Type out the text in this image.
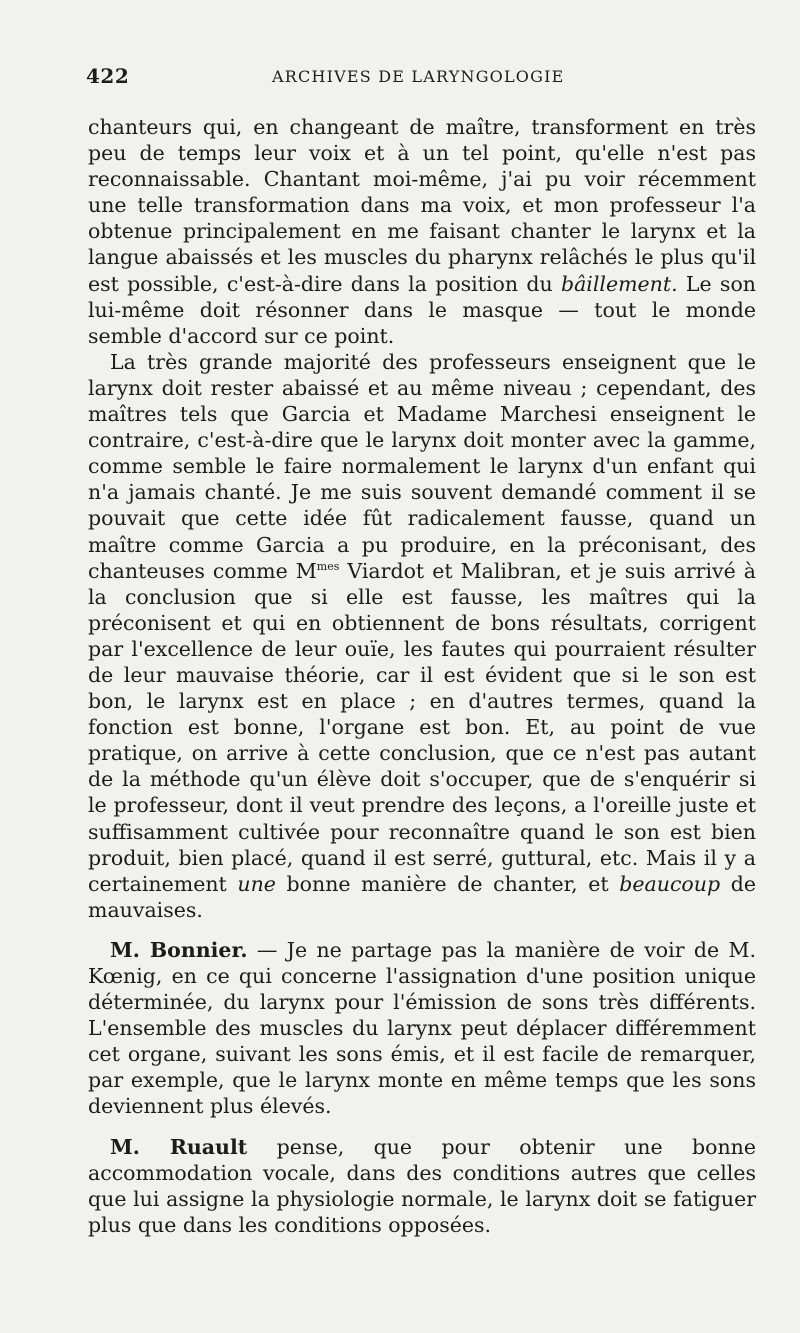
422	ARCHIVES DE LARYNGOLOGIE

chanteurs qui, en changeant de maître, transforment en très peu de temps leur voix et à un tel point, qu'elle n'est pas reconnaissable. Chantant moi-même, j'ai pu voir récemment une telle transformation dans ma voix, et mon professeur l'a obtenue principalement en me faisant chanter le larynx et la langue abaissés et les muscles du pharynx relâchés le plus qu'il est possible, c'est-à-dire dans la position du bâillement. Le son lui-même doit résonner dans le masque — tout le monde semble d'accord sur ce point.

La très grande majorité des professeurs enseignent que le larynx doit rester abaissé et au même niveau ; cependant, des maîtres tels que Garcia et Madame Marchesi enseignent le contraire, c'est-à-dire que le larynx doit monter avec la gamme, comme semble le faire normalement le larynx d'un enfant qui n'a jamais chanté. Je me suis souvent demandé comment il se pouvait que cette idée fût radicalement fausse, quand un maître comme Garcia a pu produire, en la préconisant, des chanteuses comme $M^{mes}$ Viardot et Malibran, et je suis arrivé à la conclusion que si elle est fausse, les maîtres qui la préconisent et qui en obtiennent de bons résultats, corrigent par l'excellence de leur ouïe, les fautes qui pourraient résulter de leur mauvaise théorie, car il est évident que si le son est bon, le larynx est en place ; en d'autres termes, quand la fonction est bonne, l'organe est bon. Et, au point de vue pratique, on arrive à cette conclusion, que ce n'est pas autant de la méthode qu'un élève doit s'occuper, que de s'enquérir si le professeur, dont il veut prendre des leçons, a l'oreille juste et suffisamment cultivée pour reconnaître quand le son est bien produit, bien placé, quand il est serré, guttural, etc. Mais il y a certainement une bonne manière de chanter, et beaucoup de mauvaises.

M. Bonnier. — Je ne partage pas la manière de voir de M. Kœnig, en ce qui concerne l'assignation d'une position unique déterminée, du larynx pour l'émission de sons très différents. L'ensemble des muscles du larynx peut déplacer différemment cet organe, suivant les sons émis, et il est facile de remarquer, par exemple, que le larynx monte en même temps que les sons deviennent plus élevés.

M. Ruault pense, que pour obtenir une bonne accommodation vocale, dans des conditions autres que celles que lui assigne la physiologie normale, le larynx doit se fatiguer plus que dans les conditions opposées.
